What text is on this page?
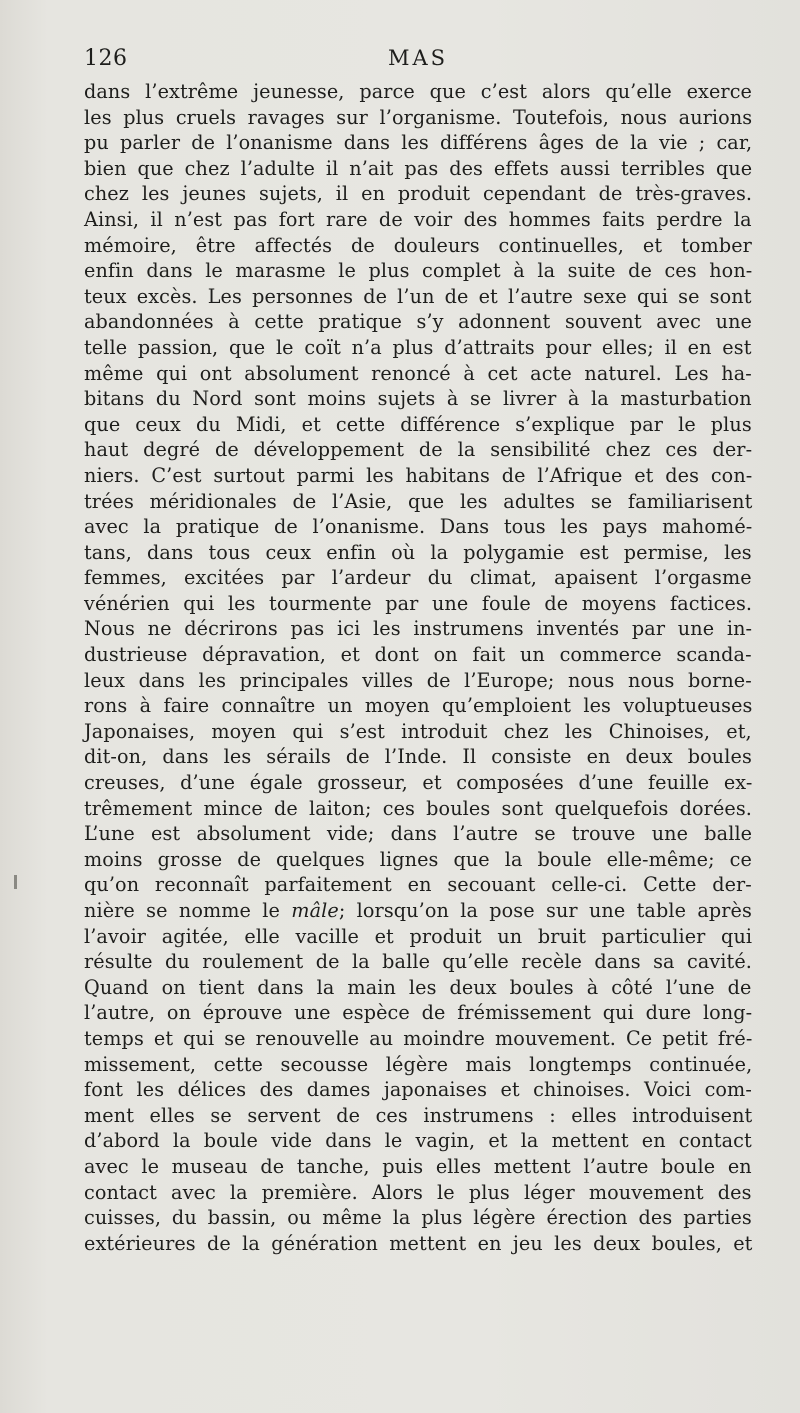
126	MAS
dans l’extrême jeunesse, parce que c’est alors qu’elle exerce
les plus cruels ravages sur l’organisme. Toutefois, nous aurions
pu parler de l’onanisme dans les différens âges de la vie ; car,
bien que chez l’adulte il n’ait pas des effets aussi terribles que
chez les jeunes sujets, il en produit cependant de très-graves.
Ainsi, il n’est pas fort rare de voir des hommes faits perdre la
mémoire, être affectés de douleurs continuelles, et tomber
enfin dans le marasme le plus complet à la suite de ces hon-
teux excès. Les personnes de l’un de et l’autre sexe qui se sont
abandonnées à cette pratique s’y adonnent souvent avec une
telle passion, que le coït n’a plus d’attraits pour elles; il en est
même qui ont absolument renoncé à cet acte naturel. Les ha-
bitans du Nord sont moins sujets à se livrer à la masturbation
que ceux du Midi, et cette différence s’explique par le plus
haut degré de développement de la sensibilité chez ces der-
niers. C’est surtout parmi les habitans de l’Afrique et des con-
trées méridionales de l’Asie, que les adultes se familiarisent
avec la pratique de l’onanisme. Dans tous les pays mahomé-
tans, dans tous ceux enfin où la polygamie est permise, les
femmes, excitées par l’ardeur du climat, apaisent l’orgasme
vénérien qui les tourmente par une foule de moyens factices.
Nous ne décrirons pas ici les instrumens inventés par une in-
dustrieuse dépravation, et dont on fait un commerce scanda-
leux dans les principales villes de l’Europe; nous nous borne-
rons à faire connaître un moyen qu’emploient les voluptueuses
Japonaises, moyen qui s’est introduit chez les Chinoises, et,
dit-on, dans les sérails de l’Inde. Il consiste en deux boules
creuses, d’une égale grosseur, et composées d’une feuille ex-
trêmement mince de laiton; ces boules sont quelquefois dorées.
L’une est absolument vide; dans l’autre se trouve une balle
moins grosse de quelques lignes que la boule elle-même; ce
qu’on reconnaît parfaitement en secouant celle-ci. Cette der-
nière se nomme le mâle; lorsqu’on la pose sur une table après
l’avoir agitée, elle vacille et produit un bruit particulier qui
résulte du roulement de la balle qu’elle recèle dans sa cavité.
Quand on tient dans la main les deux boules à côté l’une de
l’autre, on éprouve une espèce de frémissement qui dure long-
temps et qui se renouvelle au moindre mouvement. Ce petit fré-
missement, cette secousse légère mais longtemps continuée,
font les délices des dames japonaises et chinoises. Voici com-
ment elles se servent de ces instrumens : elles introduisent
d’abord la boule vide dans le vagin, et la mettent en contact
avec le museau de tanche, puis elles mettent l’autre boule en
contact avec la première. Alors le plus léger mouvement des
cuisses, du bassin, ou même la plus légère érection des parties
extérieures de la génération mettent en jeu les deux boules, et
